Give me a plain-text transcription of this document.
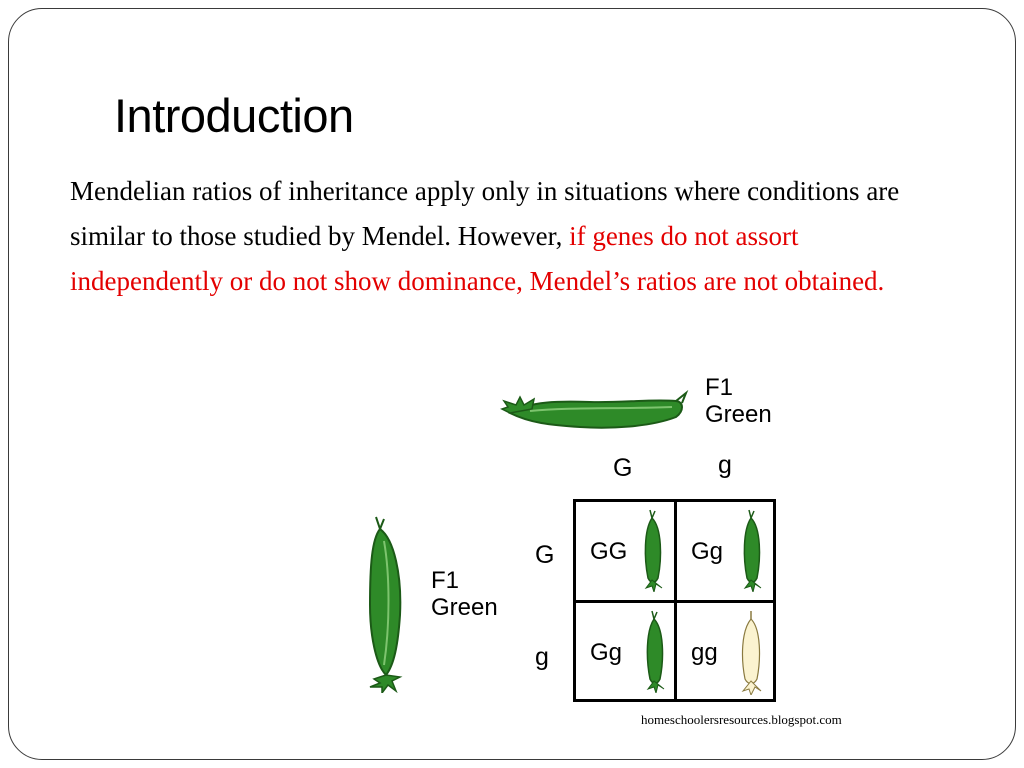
Introduction
Mendelian ratios of inheritance apply only in situations where conditions are similar to those studied by Mendel. However, if genes do not assort independently or do not show dominance, Mendel’s ratios are not obtained.
F1
Green
F1
Green
G	g
G
g
GG	Gg
Gg	gg
homeschoolersresources.blogspot.com
